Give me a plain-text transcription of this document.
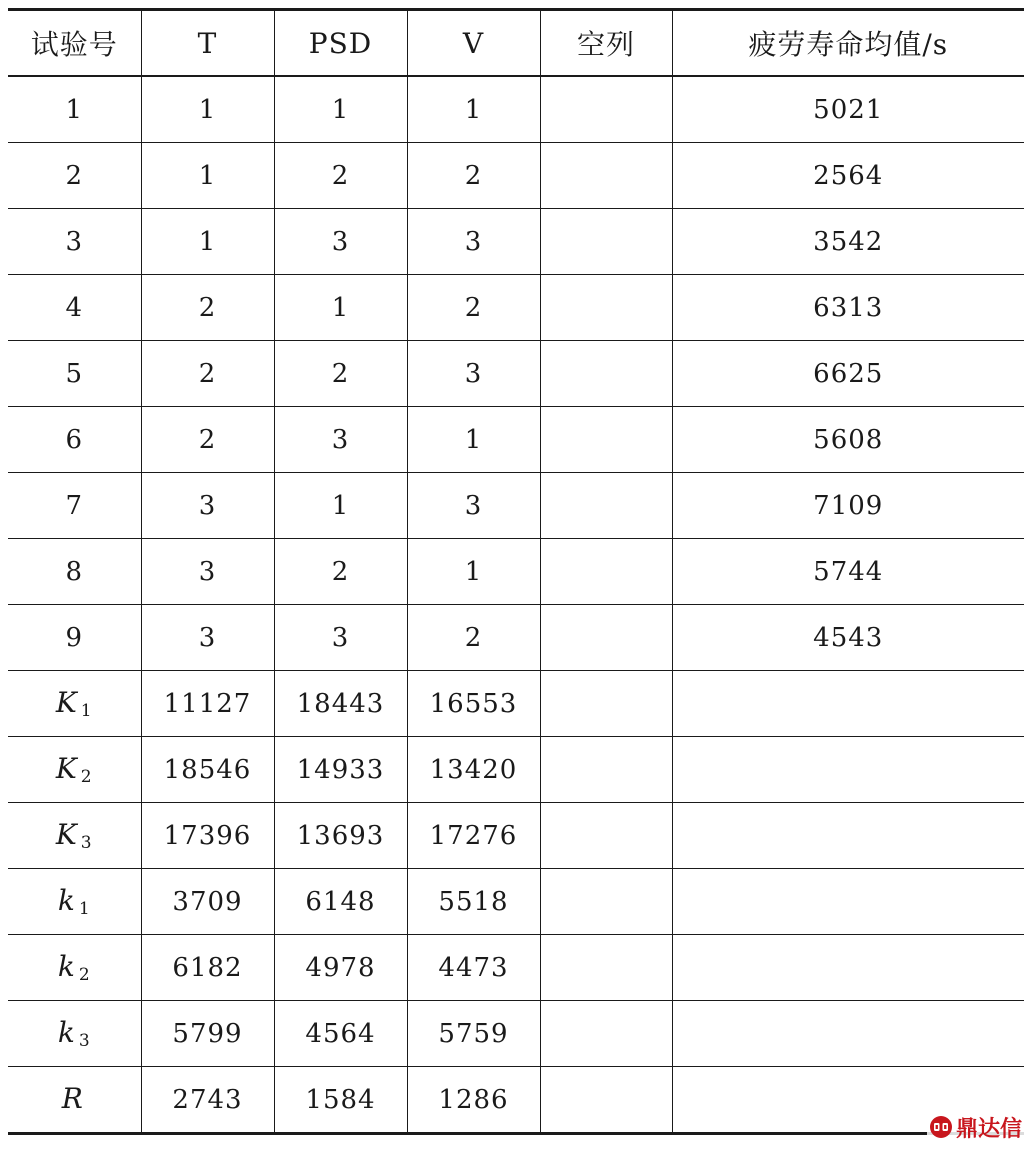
试验号	T	PSD	V	空列	疲劳寿命均值/s
1	1	1	1		5021
2	1	2	2		2564
3	1	3	3		3542
4	2	1	2		6313
5	2	2	3		6625
6	2	3	1		5608
7	3	1	3		7109
8	3	2	1		5744
9	3	3	2		4543
K $_1$	11127	18443	16553		
K $_2$	18546	14933	13420		
K $_3$	17396	13693	17276		
k $_1$	3709	6148	5518		
k $_2$	6182	4978	4473		
k $_3$	5799	4564	5759		
R	2743	1584	1286		
鼎达信
